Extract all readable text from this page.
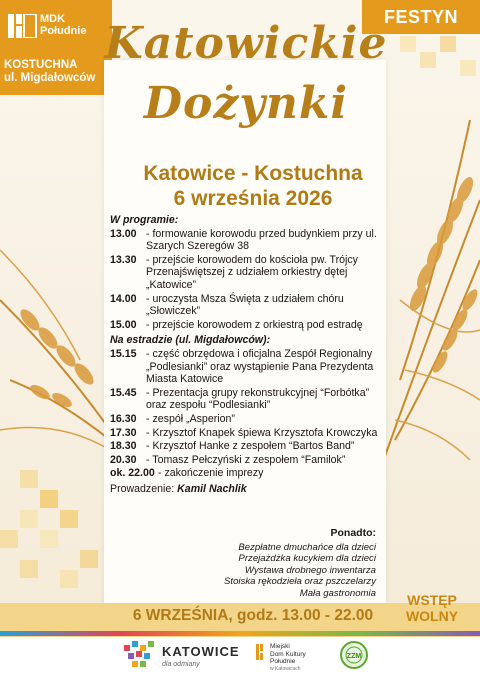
MDK
Południe
KOSTUCHNA
ul. Migdałowców
FESTYN
Katowickie
Dożynki
Katowice - Kostuchna
6 września 2026
W programie:
13.00 - formowanie korowodu przed budynkiem przy ul. Szarych Szeregów 38
13.30 - przejście korowodem do kościoła pw. Trójcy Przenajświętszej z udziałem orkiestry dętej „Katowice”
14.00 - uroczysta Msza Święta z udziałem chóru „Słowiczek”
15.00 - przejście korowodem z orkiestrą pod estradę
Na estradzie (ul. Migdałowców):
15.15 - część obrzędowa i oficjalna Zespół Regionalny „Podlesianki” oraz wystąpienie Pana Prezydenta Miasta Katowice
15.45 - Prezentacja grupy rekonstrukcyjnej “Forbótka” oraz zespołu “Podlesianki”
16.30 - zespół „Asperion”
17.30 - Krzysztof Knapek śpiewa Krzysztofa Krowczyka
18.30 - Krzysztof Hanke z zespołem “Bartos Band”
20.30 - Tomasz Pełczyński z zespołem “Familok”
ok. 22.00 - zakończenie imprezy
Prowadzenie: Kamil Nachlik
Ponadto:
Bezpłatne dmuchańce dla dzieci
Przejażdżka kucykiem dla dzieci
Wystawa drobnego inwentarza
Stoiska rękodzieła oraz pszczelarzy
Mała gastronomia
6 WRZEŚNIA, godz. 13.00 - 22.00
WSTĘP
WOLNY
KATOWICE
dla odmiany
Miejski
Dom Kultury
Południe
w Katowicach
ZZM
